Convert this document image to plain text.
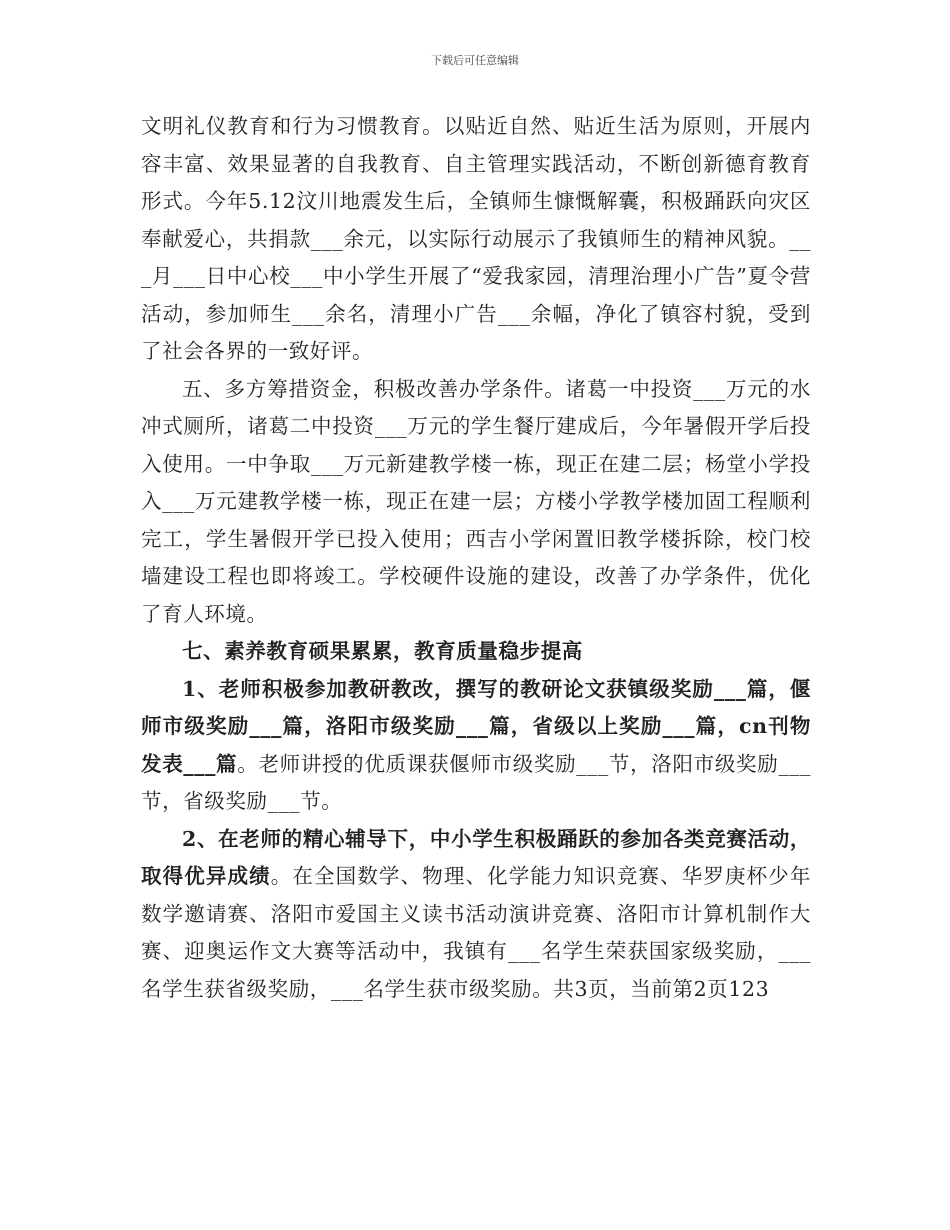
下载后可任意编辑

文明礼仪教育和行为习惯教育。以贴近自然、贴近生活为原则，开展内容丰富、效果显著的自我教育、自主管理实践活动，不断创新德育教育形式。今年5.12汶川地震发生后，全镇师生慷慨解囊，积极踊跃向灾区奉献爱心，共捐款___余元，以实际行动展示了我镇师生的精神风貌。___月___日中心校___中小学生开展了“爱我家园，清理治理小广告”夏令营活动，参加师生___余名，清理小广告___余幅，净化了镇容村貌，受到了社会各界的一致好评。

五、多方筹措资金，积极改善办学条件。诸葛一中投资___万元的水冲式厕所，诸葛二中投资___万元的学生餐厅建成后，今年暑假开学后投入使用。一中争取___万元新建教学楼一栋，现正在建二层；杨堂小学投入___万元建教学楼一栋，现正在建一层；方楼小学教学楼加固工程顺利完工，学生暑假开学已投入使用；西吉小学闲置旧教学楼拆除，校门校墙建设工程也即将竣工。学校硬件设施的建设，改善了办学条件，优化了育人环境。

七、素养教育硕果累累，教育质量稳步提高

1、老师积极参加教研教改，撰写的教研论文获镇级奖励___篇，偃师市级奖励___篇，洛阳市级奖励___篇，省级以上奖励___篇，cn刊物发表___篇。老师讲授的优质课获偃师市级奖励___节，洛阳市级奖励___节，省级奖励___节。

2、在老师的精心辅导下，中小学生积极踊跃的参加各类竞赛活动，取得优异成绩。在全国数学、物理、化学能力知识竞赛、华罗庚杯少年数学邀请赛、洛阳市爱国主义读书活动演讲竞赛、洛阳市计算机制作大赛、迎奥运作文大赛等活动中，我镇有___名学生荣获国家级奖励，___名学生获省级奖励，___名学生获市级奖励。共3页，当前第2页123
